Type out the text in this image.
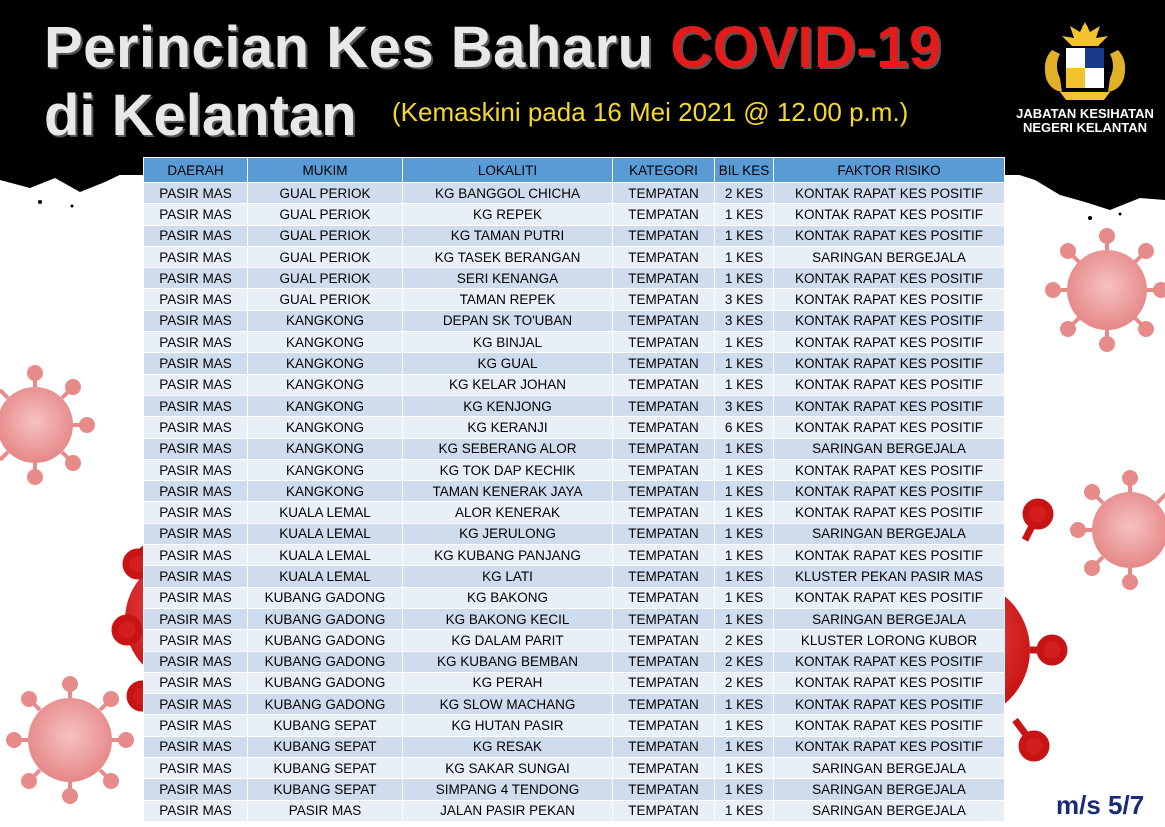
Perincian Kes Baharu COVID-19
di Kelantan (Kemaskini pada 16 Mei 2021 @ 12.00 p.m.)	JABATAN KESIHATAN
NEGERI KELANTAN
DAERAH	MUKIM	LOKALITI	KATEGORI	BIL KES	FAKTOR RISIKO
PASIR MAS	GUAL PERIOK	KG BANGGOL CHICHA	TEMPATAN	2 KES	KONTAK RAPAT KES POSITIF
PASIR MAS	GUAL PERIOK	KG REPEK	TEMPATAN	1 KES	KONTAK RAPAT KES POSITIF
PASIR MAS	GUAL PERIOK	KG TAMAN PUTRI	TEMPATAN	1 KES	KONTAK RAPAT KES POSITIF
PASIR MAS	GUAL PERIOK	KG TASEK BERANGAN	TEMPATAN	1 KES	SARINGAN BERGEJALA
PASIR MAS	GUAL PERIOK	SERI KENANGA	TEMPATAN	1 KES	KONTAK RAPAT KES POSITIF
PASIR MAS	GUAL PERIOK	TAMAN REPEK	TEMPATAN	3 KES	KONTAK RAPAT KES POSITIF
PASIR MAS	KANGKONG	DEPAN SK TO'UBAN	TEMPATAN	3 KES	KONTAK RAPAT KES POSITIF
PASIR MAS	KANGKONG	KG BINJAL	TEMPATAN	1 KES	KONTAK RAPAT KES POSITIF
PASIR MAS	KANGKONG	KG GUAL	TEMPATAN	1 KES	KONTAK RAPAT KES POSITIF
PASIR MAS	KANGKONG	KG KELAR JOHAN	TEMPATAN	1 KES	KONTAK RAPAT KES POSITIF
PASIR MAS	KANGKONG	KG KENJONG	TEMPATAN	3 KES	KONTAK RAPAT KES POSITIF
PASIR MAS	KANGKONG	KG KERANJI	TEMPATAN	6 KES	KONTAK RAPAT KES POSITIF
PASIR MAS	KANGKONG	KG SEBERANG ALOR	TEMPATAN	1 KES	SARINGAN BERGEJALA
PASIR MAS	KANGKONG	KG TOK DAP KECHIK	TEMPATAN	1 KES	KONTAK RAPAT KES POSITIF
PASIR MAS	KANGKONG	TAMAN KENERAK JAYA	TEMPATAN	1 KES	KONTAK RAPAT KES POSITIF
PASIR MAS	KUALA LEMAL	ALOR KENERAK	TEMPATAN	1 KES	KONTAK RAPAT KES POSITIF
PASIR MAS	KUALA LEMAL	KG JERULONG	TEMPATAN	1 KES	SARINGAN BERGEJALA
PASIR MAS	KUALA LEMAL	KG KUBANG PANJANG	TEMPATAN	1 KES	KONTAK RAPAT KES POSITIF
PASIR MAS	KUALA LEMAL	KG LATI	TEMPATAN	1 KES	KLUSTER PEKAN PASIR MAS
PASIR MAS	KUBANG GADONG	KG BAKONG	TEMPATAN	1 KES	KONTAK RAPAT KES POSITIF
PASIR MAS	KUBANG GADONG	KG BAKONG KECIL	TEMPATAN	1 KES	SARINGAN BERGEJALA
PASIR MAS	KUBANG GADONG	KG DALAM PARIT	TEMPATAN	2 KES	KLUSTER LORONG KUBOR
PASIR MAS	KUBANG GADONG	KG KUBANG BEMBAN	TEMPATAN	2 KES	KONTAK RAPAT KES POSITIF
PASIR MAS	KUBANG GADONG	KG PERAH	TEMPATAN	2 KES	KONTAK RAPAT KES POSITIF
PASIR MAS	KUBANG GADONG	KG SLOW MACHANG	TEMPATAN	1 KES	KONTAK RAPAT KES POSITIF
PASIR MAS	KUBANG SEPAT	KG HUTAN PASIR	TEMPATAN	1 KES	KONTAK RAPAT KES POSITIF
PASIR MAS	KUBANG SEPAT	KG RESAK	TEMPATAN	1 KES	KONTAK RAPAT KES POSITIF
PASIR MAS	KUBANG SEPAT	KG SAKAR SUNGAI	TEMPATAN	1 KES	SARINGAN BERGEJALA
PASIR MAS	KUBANG SEPAT	SIMPANG 4 TENDONG	TEMPATAN	1 KES	SARINGAN BERGEJALA
PASIR MAS	PASIR MAS	JALAN PASIR PEKAN	TEMPATAN	1 KES	SARINGAN BERGEJALA	m/s 5/7
